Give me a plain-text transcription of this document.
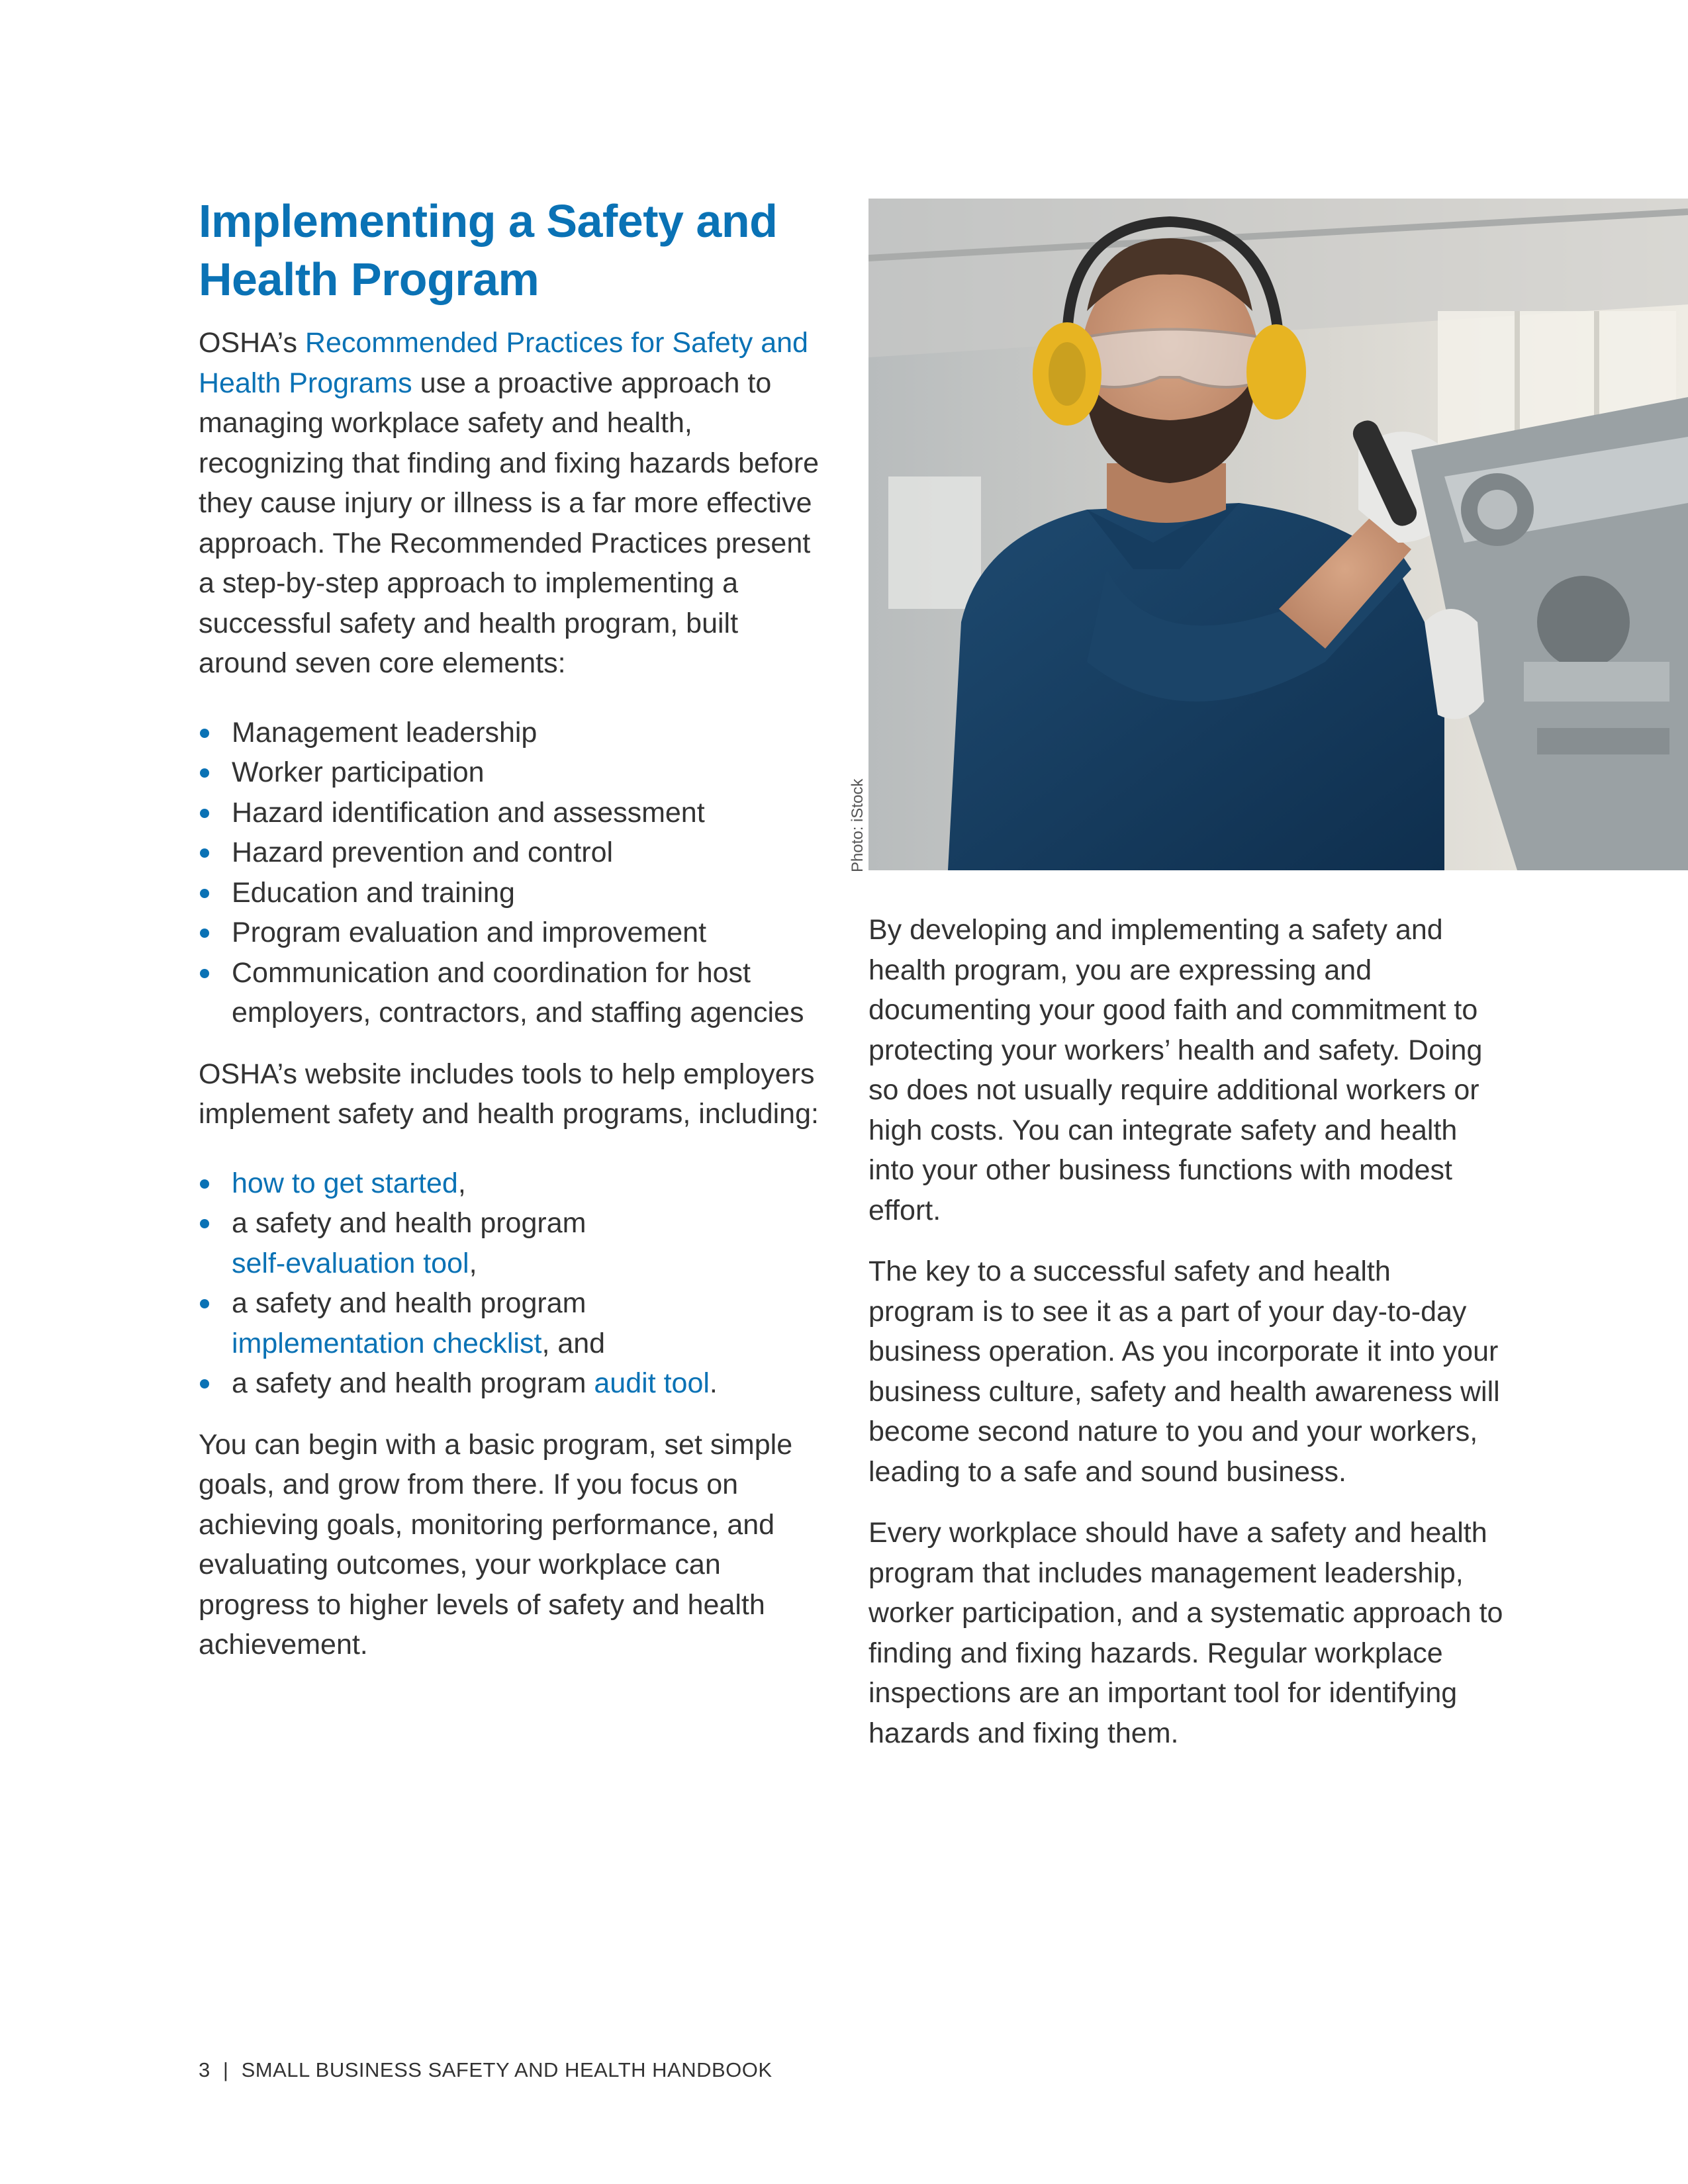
Implementing a Safety and
Health Program

OSHA’s Recommended Practices for Safety and Health Programs use a proactive approach to managing workplace safety and health, recognizing that finding and fixing hazards before they cause injury or illness is a far more effective approach. The Recommended Practices present a step-by-step approach to implementing a successful safety and health program, built around seven core elements:

Management leadership
Worker participation
Hazard identification and assessment
Hazard prevention and control
Education and training
Program evaluation and improvement
Communication and coordination for host employers, contractors, and staffing agencies

OSHA’s website includes tools to help employers implement safety and health programs, including:

how to get started,
a safety and health program
self-evaluation tool,
a safety and health program
implementation checklist, and
a safety and health program audit tool.

You can begin with a basic program, set simple goals, and grow from there. If you focus on achieving goals, monitoring performance, and evaluating outcomes, your workplace can progress to higher levels of safety and health achievement.

Photo: iStock

By developing and implementing a safety and health program, you are expressing and documenting your good faith and commitment to protecting your workers’ health and safety. Doing so does not usually require additional workers or high costs. You can integrate safety and health into your other business functions with modest effort.

The key to a successful safety and health program is to see it as a part of your day-to-day business operation. As you incorporate it into your business culture, safety and health awareness will become second nature to you and your workers, leading to a safe and sound business.

Every workplace should have a safety and health program that includes management leadership, worker participation, and a systematic approach to finding and fixing hazards. Regular workplace inspections are an important tool for identifying hazards and fixing them.

3 | SMALL BUSINESS SAFETY AND HEALTH HANDBOOK
